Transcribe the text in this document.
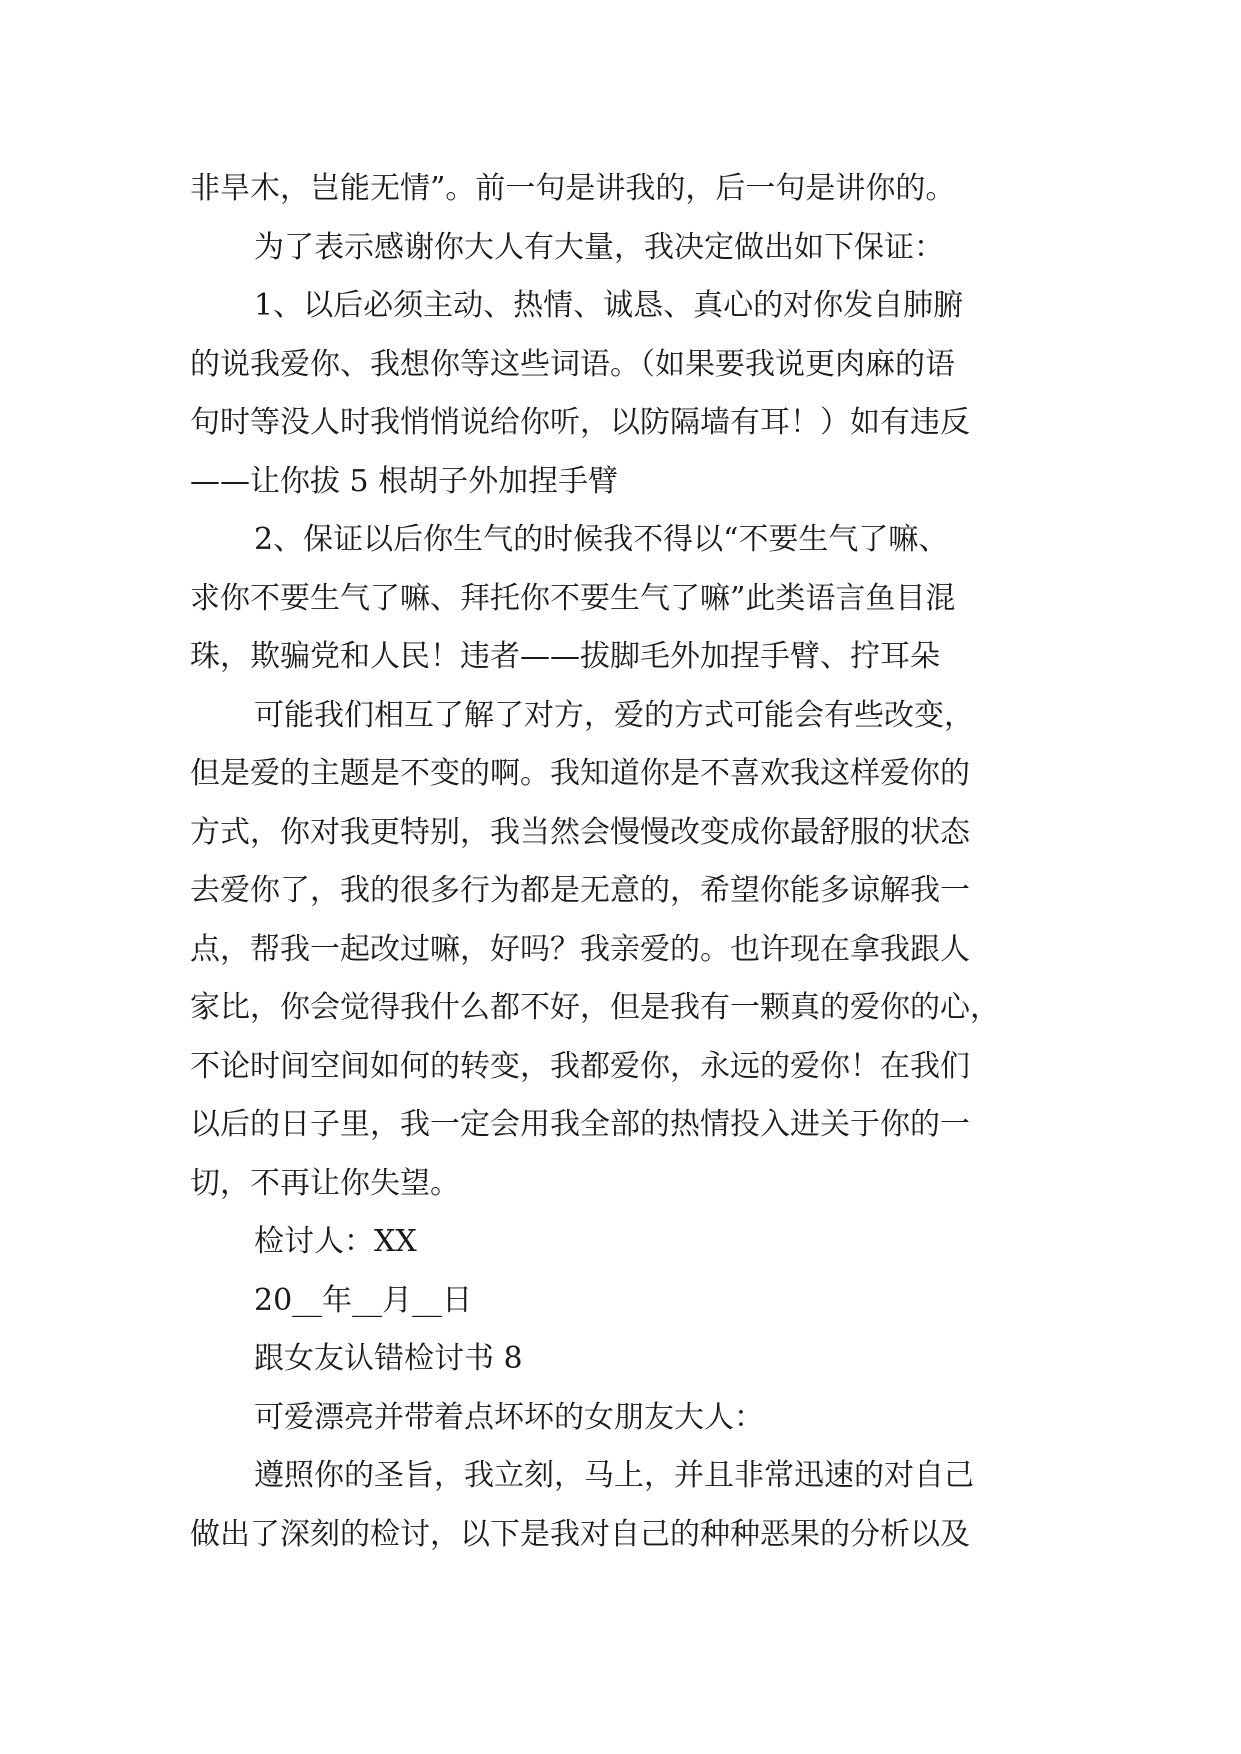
非旱木，岂能无情”。前一句是讲我的，后一句是讲你的。
为了表示感谢你大人有大量，我决定做出如下保证：
1、以后必须主动、热情、诚恳、真心的对你发自肺腑
的说我爱你、我想你等这些词语。（如果要我说更肉麻的语
句时等没人时我悄悄说给你听，以防隔墙有耳！）如有违反
——让你拔 5 根胡子外加捏手臂
2、保证以后你生气的时候我不得以“不要生气了嘛、
求你不要生气了嘛、拜托你不要生气了嘛”此类语言鱼目混
珠，欺骗党和人民！违者——拔脚毛外加捏手臂、拧耳朵
可能我们相互了解了对方，爱的方式可能会有些改变，
但是爱的主题是不变的啊。我知道你是不喜欢我这样爱你的
方式，你对我更特别，我当然会慢慢改变成你最舒服的状态
去爱你了，我的很多行为都是无意的，希望你能多谅解我一
点，帮我一起改过嘛，好吗？我亲爱的。也许现在拿我跟人
家比，你会觉得我什么都不好，但是我有一颗真的爱你的心，
不论时间空间如何的转变，我都爱你，永远的爱你！在我们
以后的日子里，我一定会用我全部的热情投入进关于你的一
切，不再让你失望。
检讨人：XX
20__年__月__日
跟女友认错检讨书 8
可爱漂亮并带着点坏坏的女朋友大人：
遵照你的圣旨，我立刻，马上，并且非常迅速的对自己
做出了深刻的检讨，以下是我对自己的种种恶果的分析以及
